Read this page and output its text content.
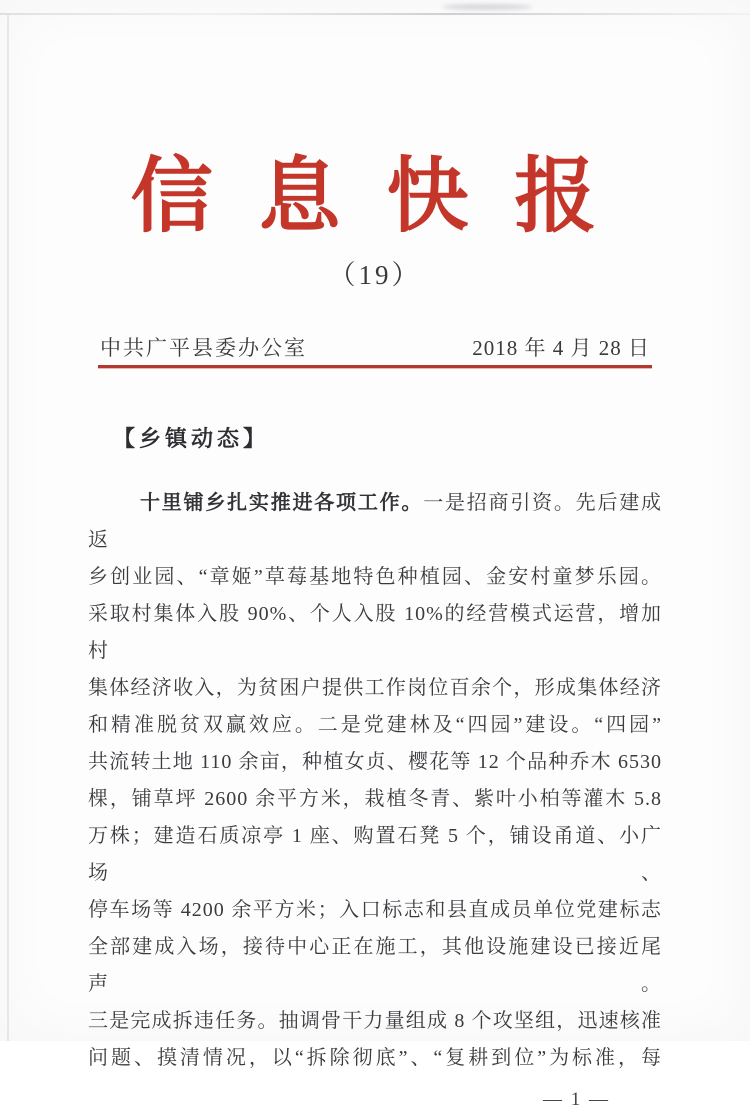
信息快报
（19）
中共广平县委办公室	2018 年 4 月 28 日
【乡镇动态】
十里铺乡扎实推进各项工作。一是招商引资。先后建成返
乡创业园、“章姬”草莓基地特色种植园、金安村童梦乐园。
采取村集体入股 90%、个人入股 10%的经营模式运营，增加村
集体经济收入，为贫困户提供工作岗位百余个，形成集体经济
和精准脱贫双赢效应。二是党建林及“四园”建设。“四园”
共流转土地 110 余亩，种植女贞、樱花等 12 个品种乔木 6530
棵，铺草坪 2600 余平方米，栽植冬青、紫叶小柏等灌木 5.8
万株；建造石质凉亭 1 座、购置石凳 5 个，铺设甬道、小广场、
停车场等 4200 余平方米；入口标志和县直成员单位党建标志
全部建成入场，接待中心正在施工，其他设施建设已接近尾声。
三是完成拆违任务。抽调骨干力量组成 8 个攻坚组，迅速核准
问题、摸清情况，以“拆除彻底”、“复耕到位”为标准，每
— 1 —
